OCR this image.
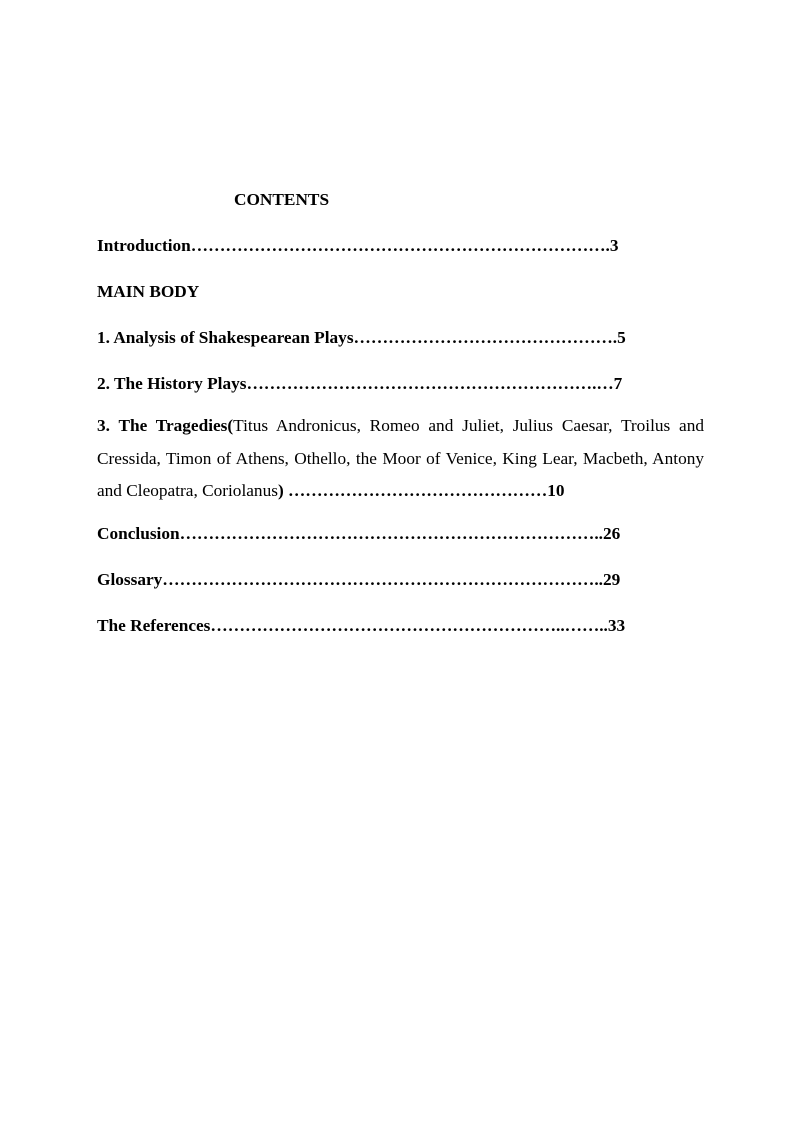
CONTENTS
Introduction……………………………………………………………….3
MAIN BODY
1. Analysis of Shakespearean Plays……………………………………….5
2. The History Plays…………………………………………………….…7
3. The Tragedies(Titus Andronicus, Romeo and Juliet, Julius Caesar, Troilus and Cressida, Timon of Athens, Othello, the Moor of Venice, King Lear, Macbeth, Antony and Cleopatra, Coriolanus) ………………………………………10
Conclusion………………………………………………………………..26
Glossary…………………………………………………………………..29
The References……………………………………………………..……..33
